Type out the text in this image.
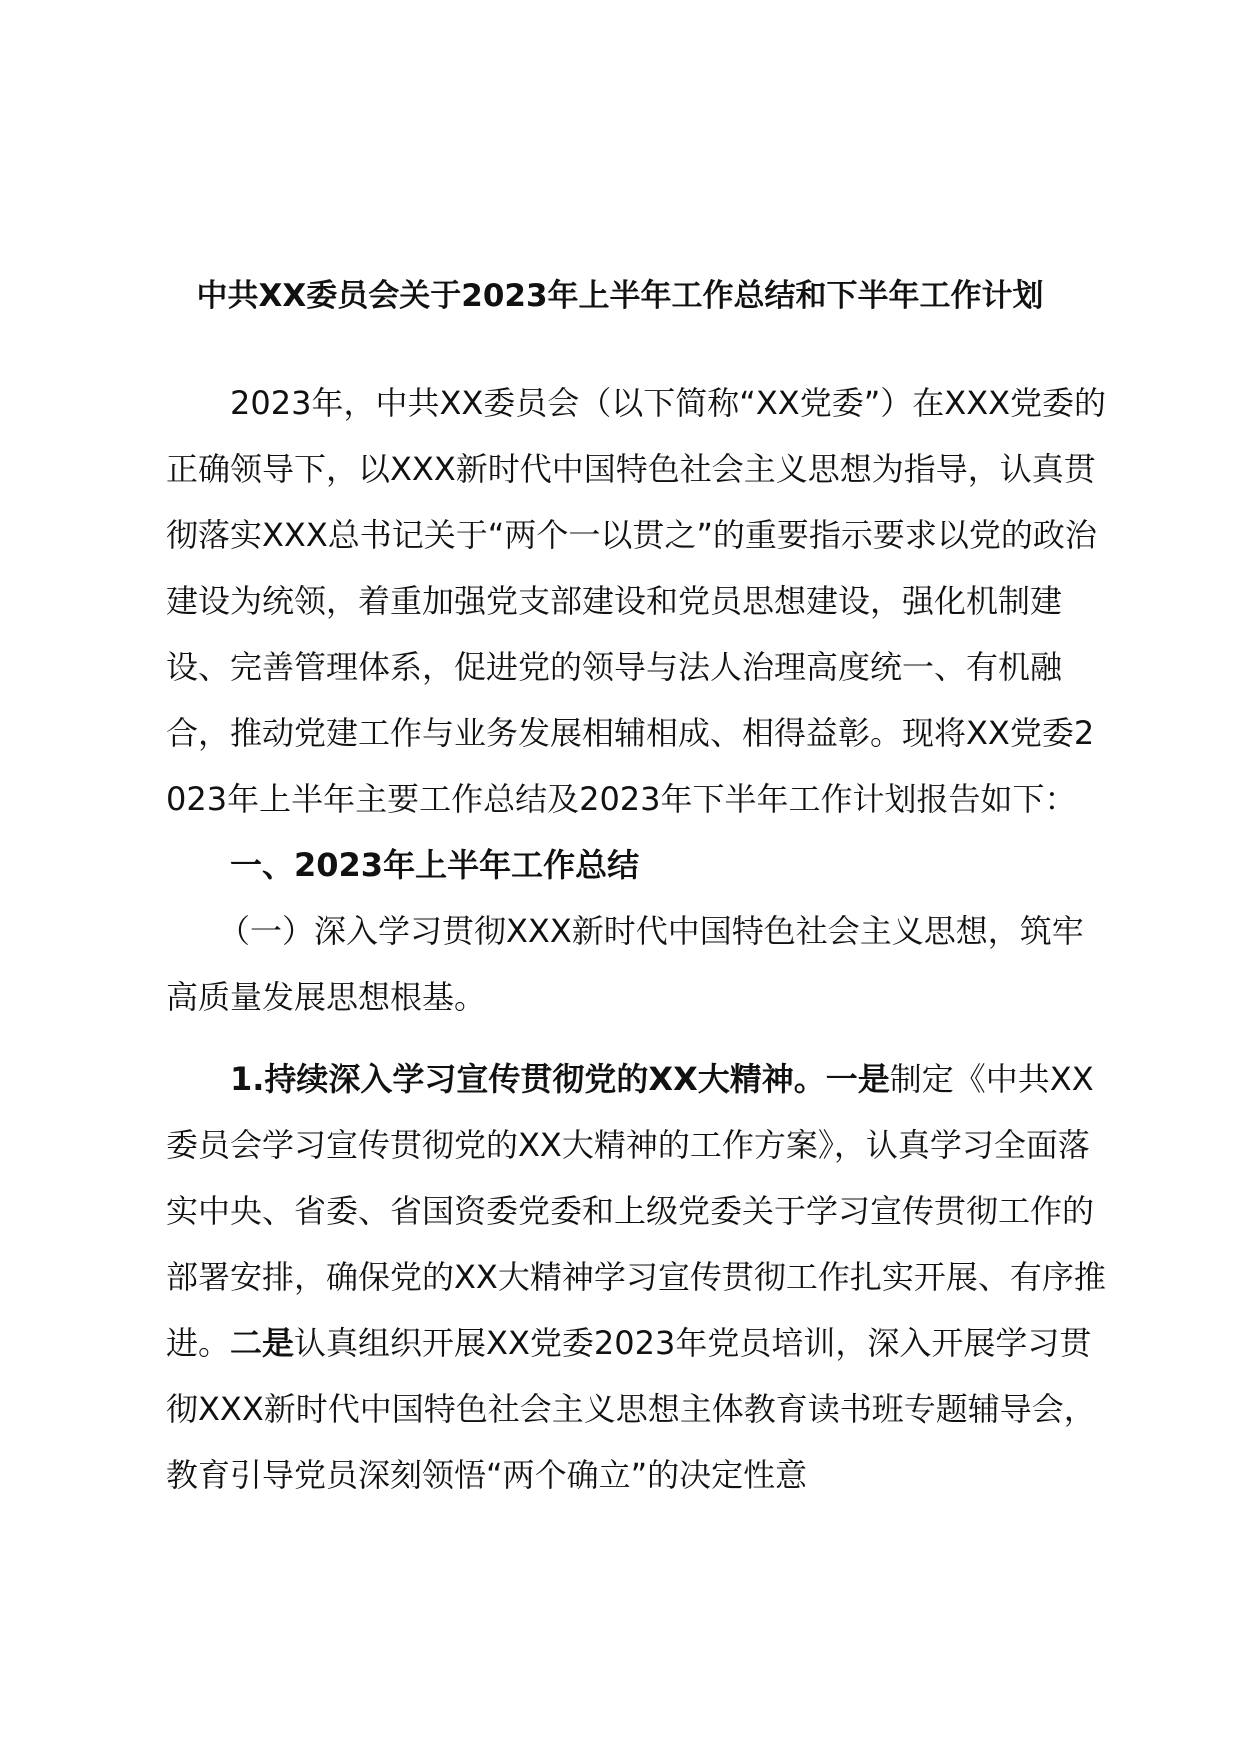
中共XX委员会关于2023年上半年工作总结和下半年工作计划

2023年，中共XX委员会（以下简称“XX党委”）在XXX党委的正确领导下，以XXX新时代中国特色社会主义思想为指导，认真贯彻落实XXX总书记关于“两个一以贯之”的重要指示要求以党的政治建设为统领，着重加强党支部建设和党员思想建设，强化机制建设、完善管理体系，促进党的领导与法人治理高度统一、有机融合，推动党建工作与业务发展相辅相成、相得益彰。现将XX党委2023年上半年主要工作总结及2023年下半年工作计划报告如下：

一、2023年上半年工作总结

（一）深入学习贯彻XXX新时代中国特色社会主义思想，筑牢高质量发展思想根基。

1.持续深入学习宣传贯彻党的XX大精神。一是制定《中共XX委员会学习宣传贯彻党的XX大精神的工作方案》，认真学习全面落实中央、省委、省国资委党委和上级党委关于学习宣传贯彻工作的部署安排，确保党的XX大精神学习宣传贯彻工作扎实开展、有序推进。二是认真组织开展XX党委2023年党员培训，深入开展学习贯彻XXX新时代中国特色社会主义思想主体教育读书班专题辅导会，教育引导党员深刻领悟“两个确立”的决定性意
